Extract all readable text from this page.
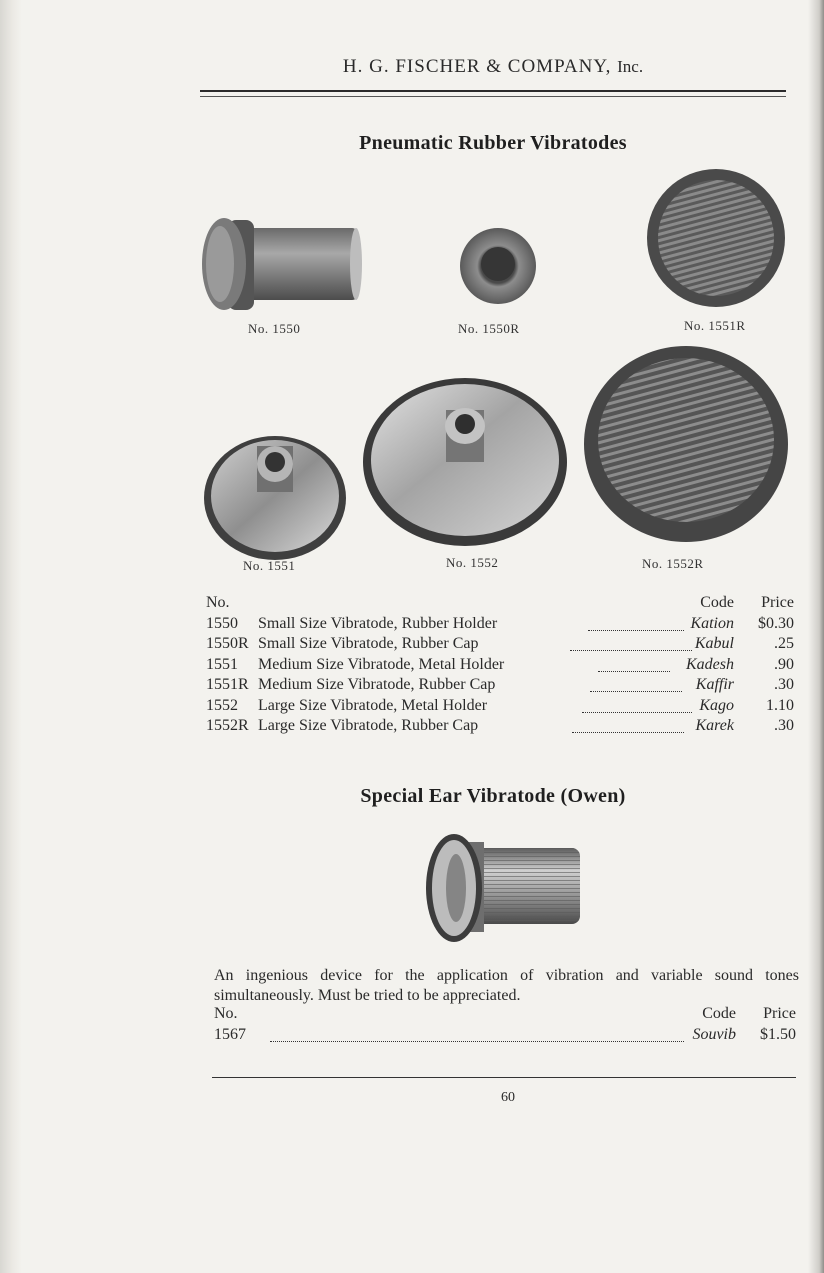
H. G. FISCHER & COMPANY, Inc.
Pneumatic Rubber Vibratodes
No. 1550	No. 1550R	No. 1551R
No. 1551	No. 1552	No. 1552R
No.	Code Price
1550 Small Size Vibratode, Rubber Holder	Kation $0.30
1550R Small Size Vibratode, Rubber Cap	Kabul	.25
1551 Medium Size Vibratode, Metal Holder	Kadesh	.90
1551R Medium Size Vibratode, Rubber Cap	Kaffir	.30
1552 Large Size Vibratode, Metal Holder	Kago 1.10
1552R Large Size Vibratode, Rubber Cap	Karek	.30
Special Ear Vibratode (Owen)
An ingenious device for the application of vibration and variable sound tones simultaneously. Must be tried to be appreciated.
No.	Code Price
1567	Souvib $1.50
60
